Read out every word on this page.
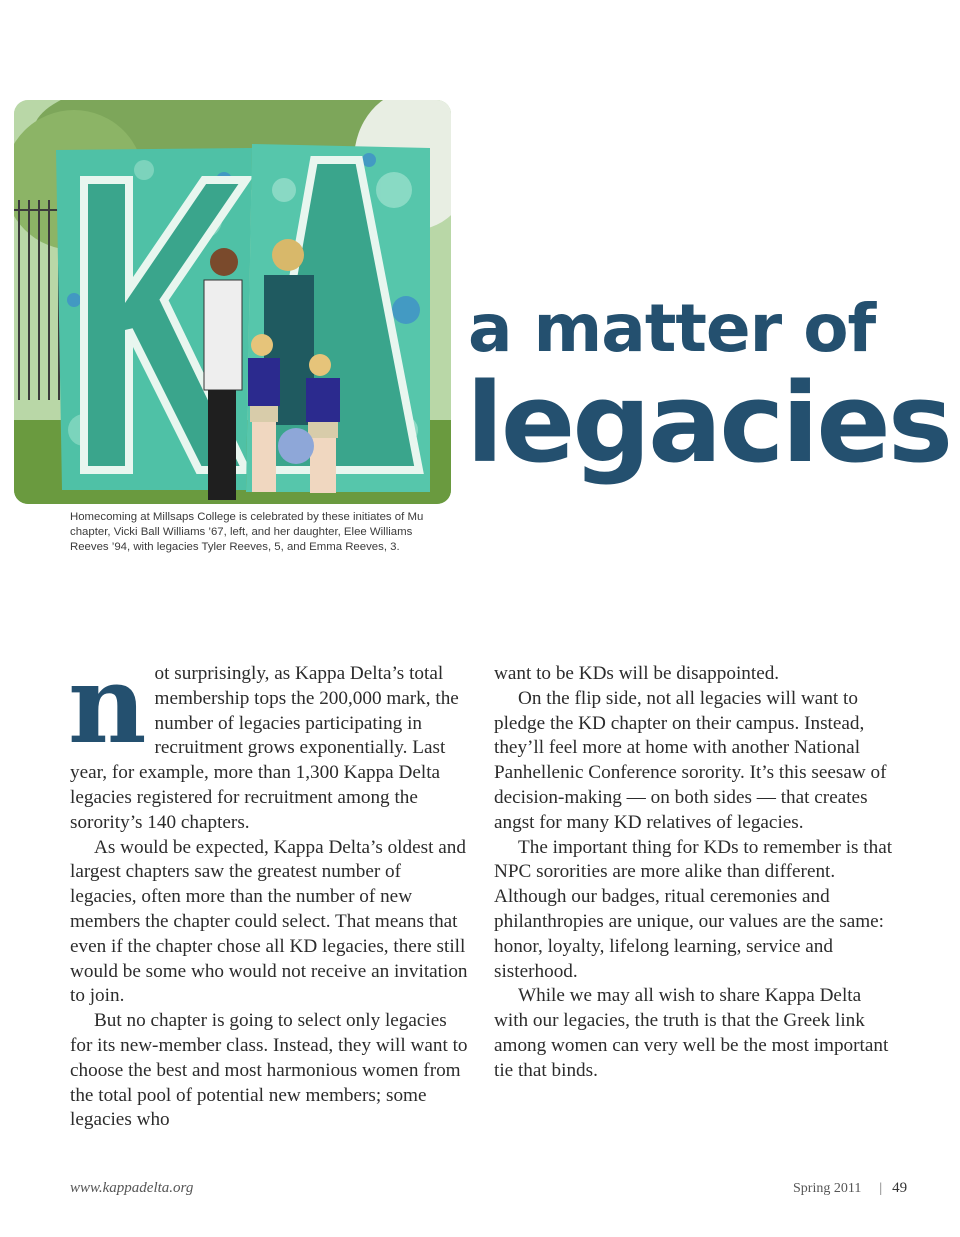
Homecoming at Millsaps College is celebrated by these initiates of Mu chapter, Vicki Ball Williams ’67, left, and her daughter, Elee Williams Reeves ’94, with legacies Tyler Reeves, 5, and Emma Reeves, 3.
a matter of
legacies

not surprisingly, as Kappa Delta’s total membership tops the 200,000 mark, the number of legacies participating in recruitment grows exponentially. Last year, for example, more than 1,300 Kappa Delta legacies registered for recruitment among the sorority’s 140 chapters.

As would be expected, Kappa Delta’s oldest and largest chapters saw the greatest number of legacies, often more than the number of new members the chapter could select. That means that even if the chapter chose all KD legacies, there still would be some who would not receive an invitation to join.

But no chapter is going to select only legacies for its new-member class. Instead, they will want to choose the best and most harmonious women from the total pool of potential new members; some legacies who

want to be KDs will be disappointed.

On the flip side, not all legacies will want to pledge the KD chapter on their campus. Instead, they’ll feel more at home with another National Panhellenic Conference sorority. It’s this seesaw of decision-making — on both sides — that creates angst for many KD relatives of legacies.

The important thing for KDs to remember is that NPC sororities are more alike than different. Although our badges, ritual ceremonies and philanthropies are unique, our values are the same: honor, loyalty, lifelong learning, service and sisterhood.

While we may all wish to share Kappa Delta with our legacies, the truth is that the Greek link among women can very well be the most important tie that binds.

www.kappadelta.org	Spring 2011 | 49
